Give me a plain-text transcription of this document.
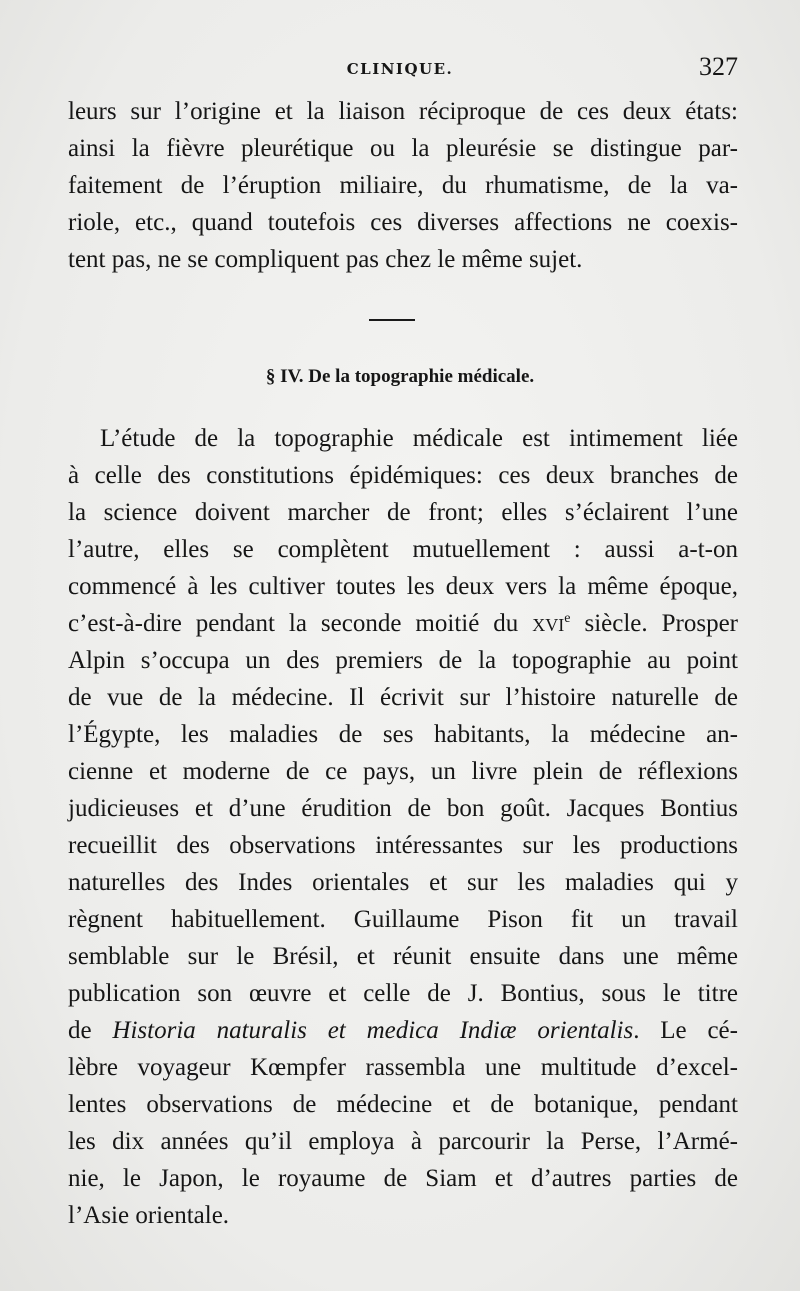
CLINIQUE.	327
leurs sur l’origine et la liaison réciproque de ces deux états:
ainsi la fièvre pleurétique ou la pleurésie se distingue par-
faitement de l’éruption miliaire, du rhumatisme, de la va-
riole, etc., quand toutefois ces diverses affections ne coexis-
tent pas, ne se compliquent pas chez le même sujet.
§ IV. De la topographie médicale.
L’étude de la topographie médicale est intimement liée
à celle des constitutions épidémiques: ces deux branches de
la science doivent marcher de front; elles s’éclairent l’une
l’autre, elles se complètent mutuellement : aussi a-t-on
commencé à les cultiver toutes les deux vers la même époque,
c’est-à-dire pendant la seconde moitié du xvi$^e$ siècle. Prosper
Alpin s’occupa un des premiers de la topographie au point
de vue de la médecine. Il écrivit sur l’histoire naturelle de
l’Égypte, les maladies de ses habitants, la médecine an-
cienne et moderne de ce pays, un livre plein de réflexions
judicieuses et d’une érudition de bon goût. Jacques Bontius
recueillit des observations intéressantes sur les productions
naturelles des Indes orientales et sur les maladies qui y
règnent habituellement. Guillaume Pison fit un travail
semblable sur le Brésil, et réunit ensuite dans une même
publication son œuvre et celle de J. Bontius, sous le titre
de Historia naturalis et medica Indiæ orientalis. Le cé-
lèbre voyageur Kœmpfer rassembla une multitude d’excel-
lentes observations de médecine et de botanique, pendant
les dix années qu’il employa à parcourir la Perse, l’Armé-
nie, le Japon, le royaume de Siam et d’autres parties de
l’Asie orientale.
